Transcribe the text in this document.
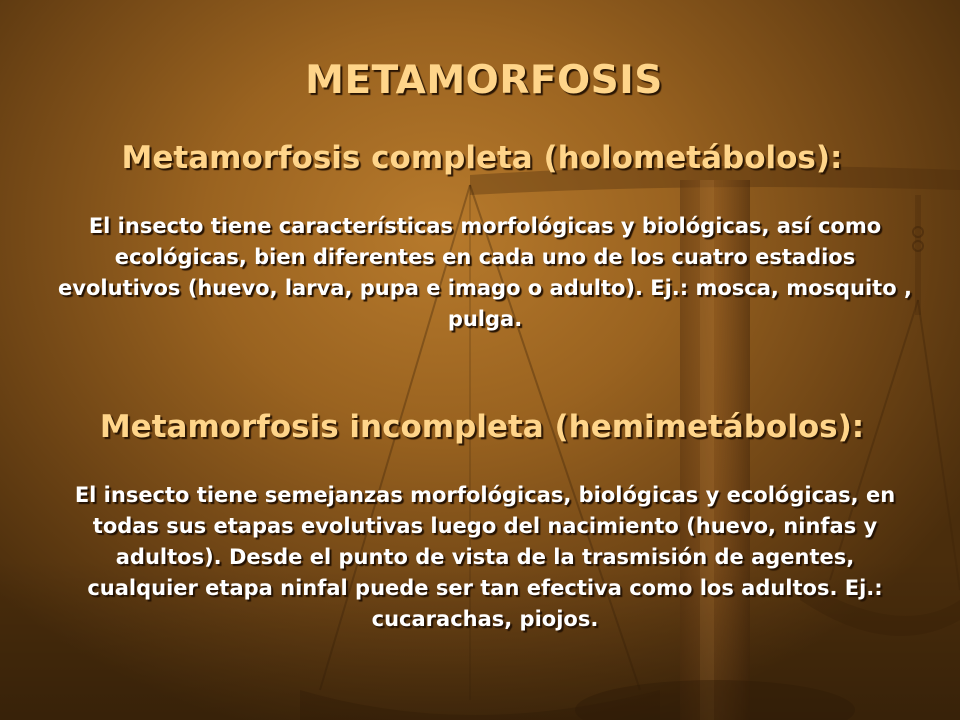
METAMORFOSIS
Metamorfosis completa (holometábolos):
El insecto tiene características morfológicas y biológicas, así como ecológicas, bien diferentes en cada uno de los cuatro estadios evolutivos (huevo, larva, pupa e imago o adulto). Ej.: mosca, mosquito , pulga.
Metamorfosis incompleta (hemimetábolos):
El insecto tiene semejanzas morfológicas, biológicas y ecológicas, en todas sus etapas evolutivas luego del nacimiento (huevo, ninfas y adultos). Desde el punto de vista de la trasmisión de agentes, cualquier etapa ninfal puede ser tan efectiva como los adultos. Ej.: cucarachas, piojos.
